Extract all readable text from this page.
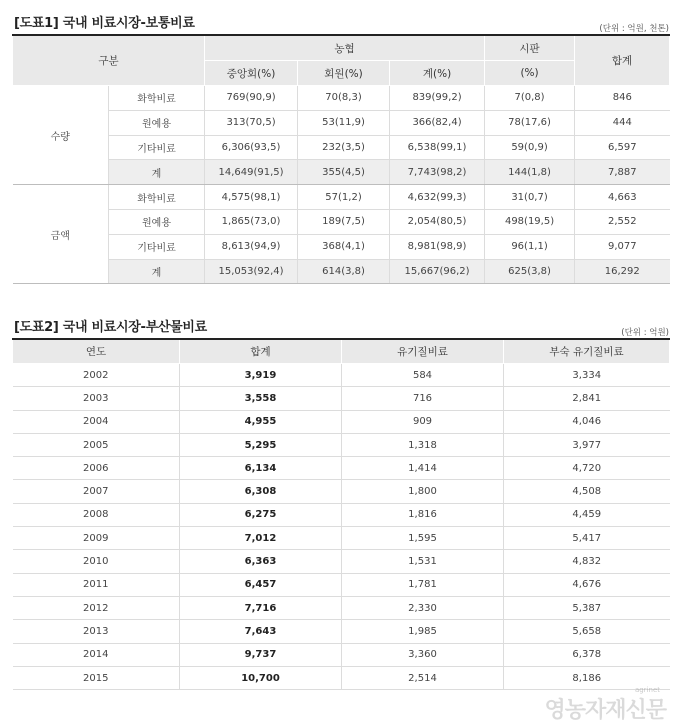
[도표1] 국내 비료시장-보통비료	(단위 : 억원, 천톤)
구분		농협			시판	합계
		중앙회(%)	회원(%)	계(%)	(%)	
수량	화학비료	769(90,9)	70(8,3)	839(99,2)	7(0,8)	846
	원예용	313(70,5)	53(11,9)	366(82,4)	78(17,6)	444
	기타비료	6,306(93,5)	232(3,5)	6,538(99,1)	59(0,9)	6,597
	계	14,649(91,5)	355(4,5)	7,743(98,2)	144(1,8)	7,887
금액	화학비료	4,575(98,1)	57(1,2)	4,632(99,3)	31(0,7)	4,663
	원예용	1,865(73,0)	189(7,5)	2,054(80,5)	498(19,5)	2,552
	기타비료	8,613(94,9)	368(4,1)	8,981(98,9)	96(1,1)	9,077
	계	15,053(92,4)	614(3,8)	15,667(96,2)	625(3,8)	16,292
[도표2] 국내 비료시장-부산물비료	(단위 : 억원)
연도	합계	유기질비료	부숙 유기질비료
2002	3,919	584	3,334
2003	3,558	716	2,841
2004	4,955	909	4,046
2005	5,295	1,318	3,977
2006	6,134	1,414	4,720
2007	6,308	1,800	4,508
2008	6,275	1,816	4,459
2009	7,012	1,595	5,417
2010	6,363	1,531	4,832
2011	6,457	1,781	4,676
2012	7,716	2,330	5,387
2013	7,643	1,985	5,658
2014	9,737	3,360	6,378
2015	10,700	2,514	8,186
agrinet
영농자재신문
